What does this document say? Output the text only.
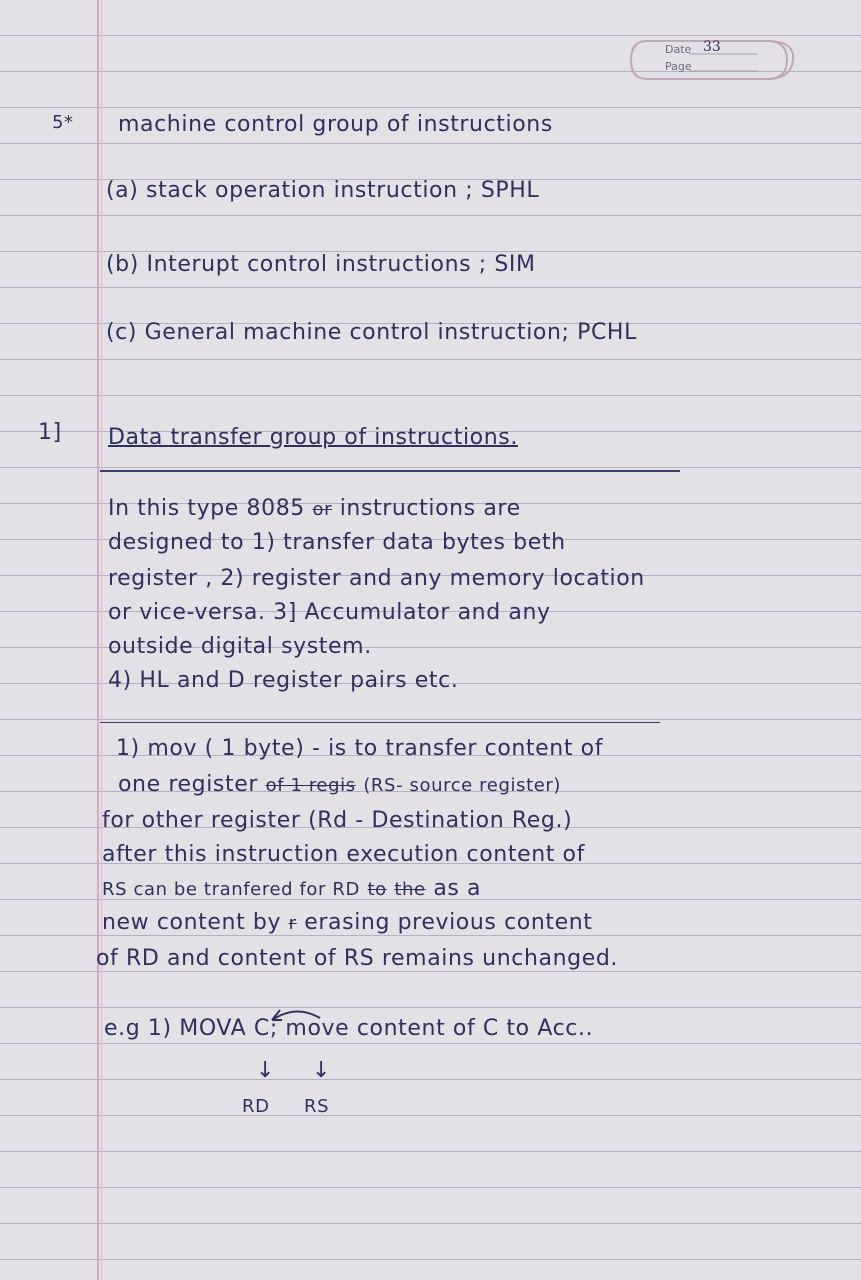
Date
Page
33
5* machine control group of instructions
(a) stack operation instruction ; SPHL
(b) Interupt control instructions ; SIM
(c) General machine control instruction; PCHL
1] Data transfer group of instructions.
In this type 8085 or instructions are
designed to 1) transfer data bytes beth
register , 2) register and any memory location
or vice-versa. 3] Accumulator and any
outside digital system.
4) HL and D register pairs etc.
1) mov ( 1 byte) - is to transfer content of
one register of 1 regis (RS- source register)
for other register (Rd - Destination Reg.)
after this instruction execution content of
RS can be tranfered for RD to the as a
new content by r erasing previous content
of RD and content of RS remains unchanged.
e.g 1) MOVA C; move content of C to Acc..
↓ ↓
RD RS
